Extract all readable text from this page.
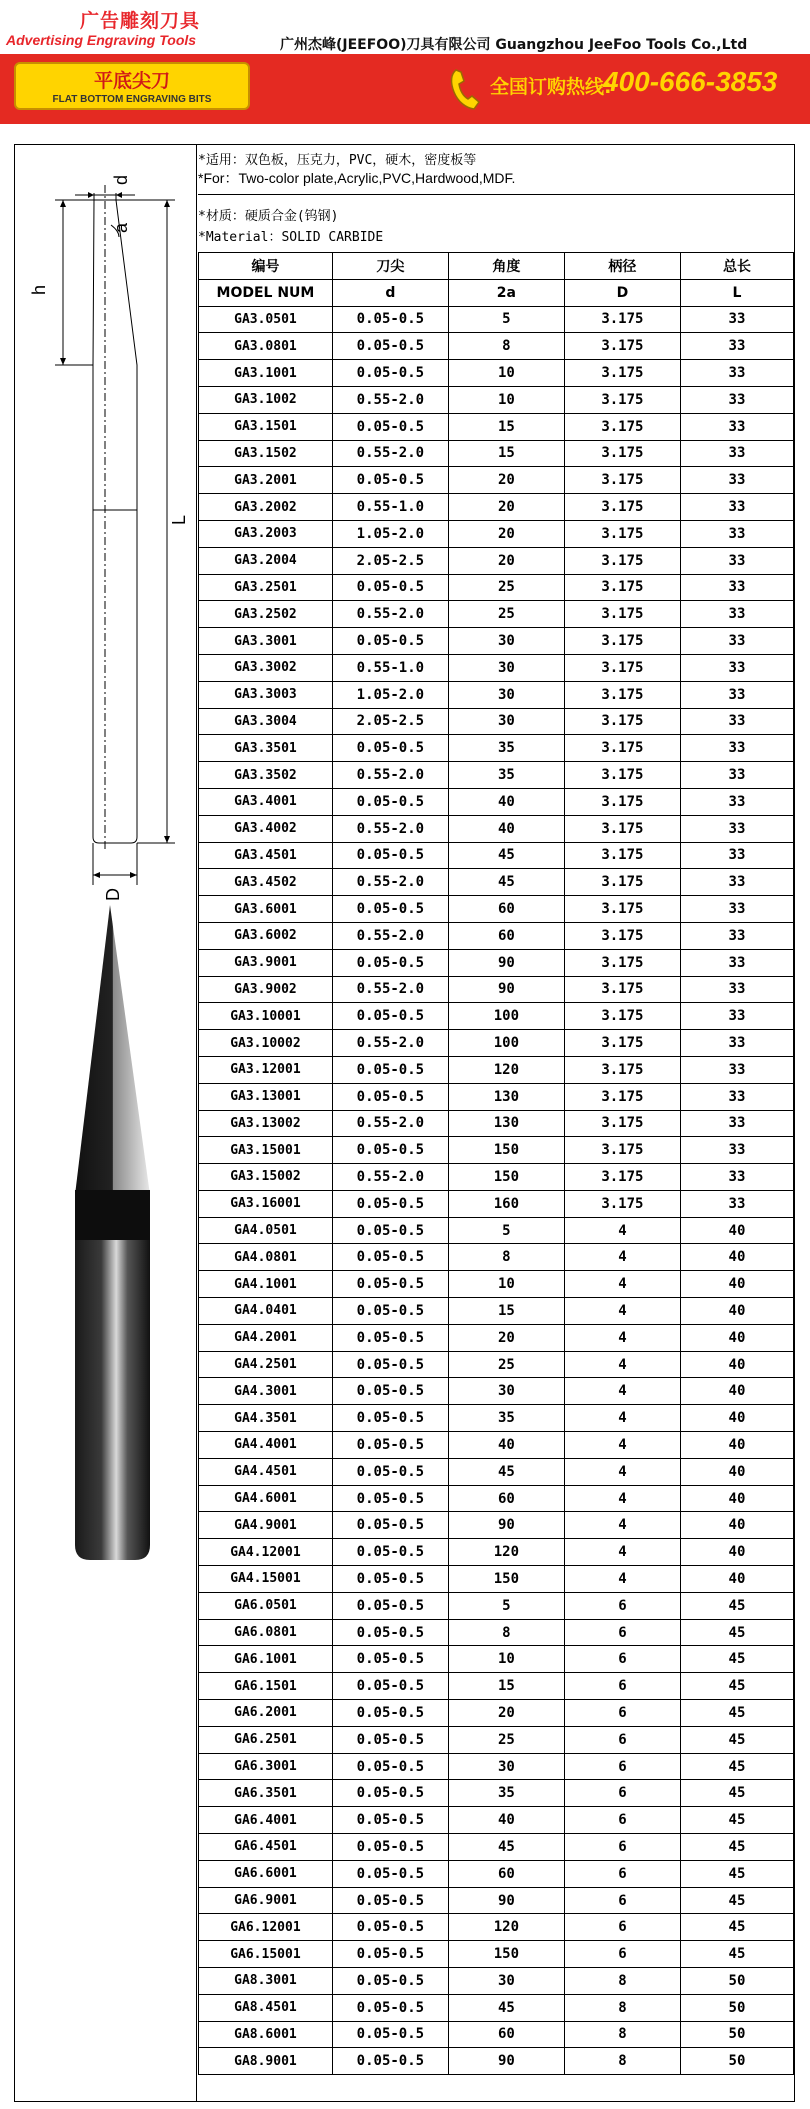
广告雕刻刀具
Advertising Engraving Tools	广州杰峰(JEEFOO)刀具有限公司 Guangzhou JeeFoo Tools Co.,Ltd
平底尖刀
FLAT BOTTOM ENGRAVING BITS
全国订购热线:
400-666-3853
d
a
h
L
D
*适用：双色板，压克力，PVC，硬木，密度板等
*For：Two-color plate,Acrylic,PVC,Hardwood,MDF.
*材质：硬质合金(钨钢)
*Material：SOLID CARBIDE
编号	刀尖	角度	柄径	总长
MODEL NUM	d	2a	D	L
GA3.0501	0.05-0.5	5	3.175	33
GA3.0801	0.05-0.5	8	3.175	33
GA3.1001	0.05-0.5	10	3.175	33
GA3.1002	0.55-2.0	10	3.175	33
GA3.1501	0.05-0.5	15	3.175	33
GA3.1502	0.55-2.0	15	3.175	33
GA3.2001	0.05-0.5	20	3.175	33
GA3.2002	0.55-1.0	20	3.175	33
GA3.2003	1.05-2.0	20	3.175	33
GA3.2004	2.05-2.5	20	3.175	33
GA3.2501	0.05-0.5	25	3.175	33
GA3.2502	0.55-2.0	25	3.175	33
GA3.3001	0.05-0.5	30	3.175	33
GA3.3002	0.55-1.0	30	3.175	33
GA3.3003	1.05-2.0	30	3.175	33
GA3.3004	2.05-2.5	30	3.175	33
GA3.3501	0.05-0.5	35	3.175	33
GA3.3502	0.55-2.0	35	3.175	33
GA3.4001	0.05-0.5	40	3.175	33
GA3.4002	0.55-2.0	40	3.175	33
GA3.4501	0.05-0.5	45	3.175	33
GA3.4502	0.55-2.0	45	3.175	33
GA3.6001	0.05-0.5	60	3.175	33
GA3.6002	0.55-2.0	60	3.175	33
GA3.9001	0.05-0.5	90	3.175	33
GA3.9002	0.55-2.0	90	3.175	33
GA3.10001	0.05-0.5	100	3.175	33
GA3.10002	0.55-2.0	100	3.175	33
GA3.12001	0.05-0.5	120	3.175	33
GA3.13001	0.05-0.5	130	3.175	33
GA3.13002	0.55-2.0	130	3.175	33
GA3.15001	0.05-0.5	150	3.175	33
GA3.15002	0.55-2.0	150	3.175	33
GA3.16001	0.05-0.5	160	3.175	33
GA4.0501	0.05-0.5	5	4	40
GA4.0801	0.05-0.5	8	4	40
GA4.1001	0.05-0.5	10	4	40
GA4.0401	0.05-0.5	15	4	40
GA4.2001	0.05-0.5	20	4	40
GA4.2501	0.05-0.5	25	4	40
GA4.3001	0.05-0.5	30	4	40
GA4.3501	0.05-0.5	35	4	40
GA4.4001	0.05-0.5	40	4	40
GA4.4501	0.05-0.5	45	4	40
GA4.6001	0.05-0.5	60	4	40
GA4.9001	0.05-0.5	90	4	40
GA4.12001	0.05-0.5	120	4	40
GA4.15001	0.05-0.5	150	4	40
GA6.0501	0.05-0.5	5	6	45
GA6.0801	0.05-0.5	8	6	45
GA6.1001	0.05-0.5	10	6	45
GA6.1501	0.05-0.5	15	6	45
GA6.2001	0.05-0.5	20	6	45
GA6.2501	0.05-0.5	25	6	45
GA6.3001	0.05-0.5	30	6	45
GA6.3501	0.05-0.5	35	6	45
GA6.4001	0.05-0.5	40	6	45
GA6.4501	0.05-0.5	45	6	45
GA6.6001	0.05-0.5	60	6	45
GA6.9001	0.05-0.5	90	6	45
GA6.12001	0.05-0.5	120	6	45
GA6.15001	0.05-0.5	150	6	45
GA8.3001	0.05-0.5	30	8	50
GA8.4501	0.05-0.5	45	8	50
GA8.6001	0.05-0.5	60	8	50
GA8.9001	0.05-0.5	90	8	50
